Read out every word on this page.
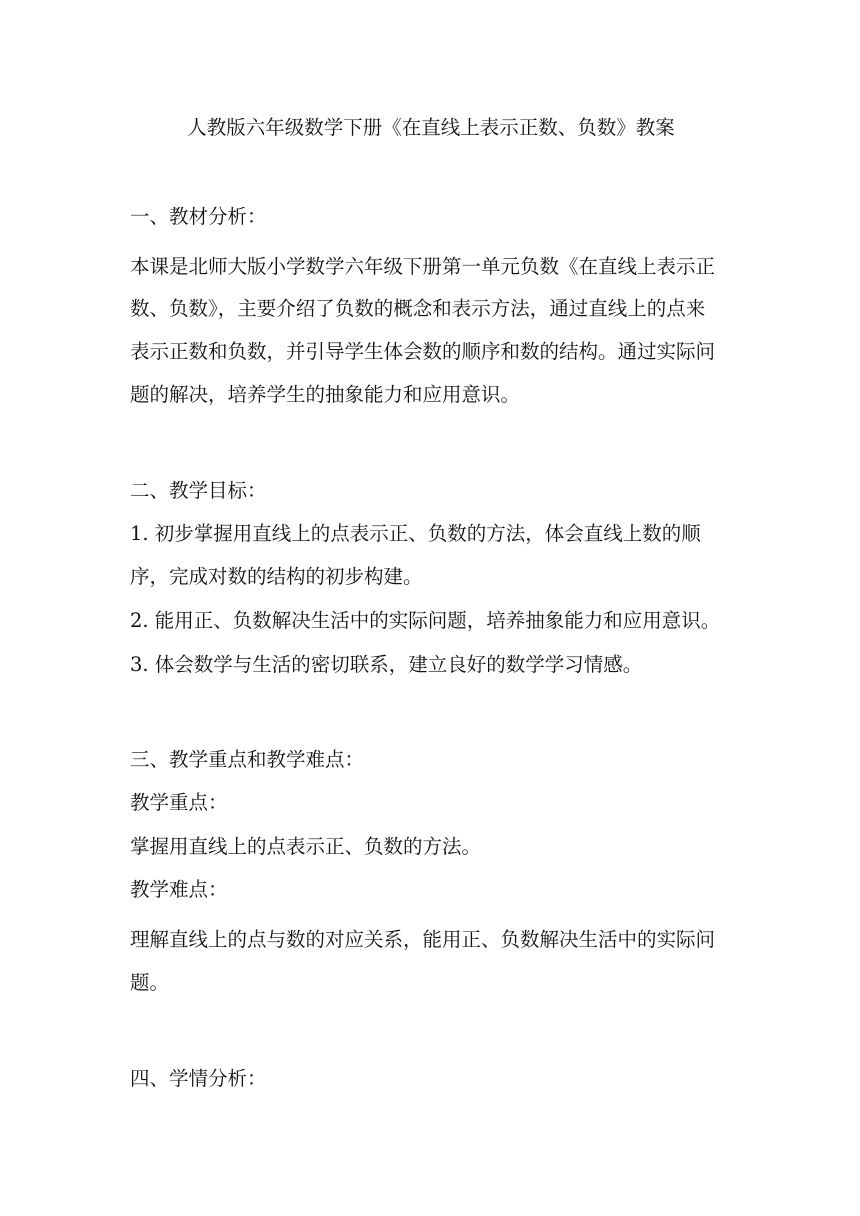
人教版六年级数学下册《在直线上表示正数、负数》教案
一、教材分析：
本课是北师大版小学数学六年级下册第一单元负数《在直线上表示正
数、负数》，主要介绍了负数的概念和表示方法，通过直线上的点来
表示正数和负数，并引导学生体会数的顺序和数的结构。通过实际问
题的解决，培养学生的抽象能力和应用意识。
二、教学目标：
1. 初步掌握用直线上的点表示正、负数的方法，体会直线上数的顺
序，完成对数的结构的初步构建。
2. 能用正、负数解决生活中的实际问题，培养抽象能力和应用意识。
3. 体会数学与生活的密切联系，建立良好的数学学习情感。
三、教学重点和教学难点：
教学重点：
掌握用直线上的点表示正、负数的方法。
教学难点：
理解直线上的点与数的对应关系，能用正、负数解决生活中的实际问
题。
四、学情分析：
